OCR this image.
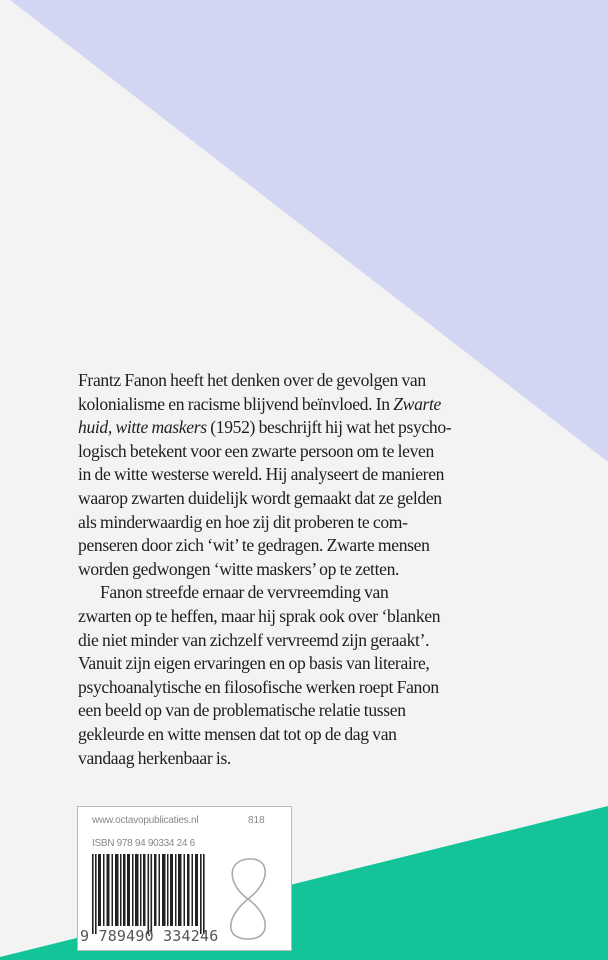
Frantz Fanon heeft het denken over de gevolgen van
kolonialisme en racisme blijvend beïnvloed. In Zwarte
huid, witte maskers (1952) beschrijft hij wat het psycho-
logisch betekent voor een zwarte persoon om te leven
in de witte westerse wereld. Hij analyseert de manieren
waarop zwarten duidelijk wordt gemaakt dat ze gelden
als minderwaardig en hoe zij dit proberen te com-
penseren door zich ‘wit’ te gedragen. Zwarte mensen
worden gedwongen ‘witte maskers’ op te zetten.
Fanon streefde ernaar de vervreemding van
zwarten op te heffen, maar hij sprak ook over ‘blanken
die niet minder van zichzelf vervreemd zijn geraakt’.
Vanuit zijn eigen ervaringen en op basis van literaire,
psychoanalytische en filosofische werken roept Fanon
een beeld op van de problematische relatie tussen
gekleurde en witte mensen dat tot op de dag van
vandaag herkenbaar is.
www.octavopublicaties.nl	818
ISBN 978 94 90334 24 6
9 789490 334246
